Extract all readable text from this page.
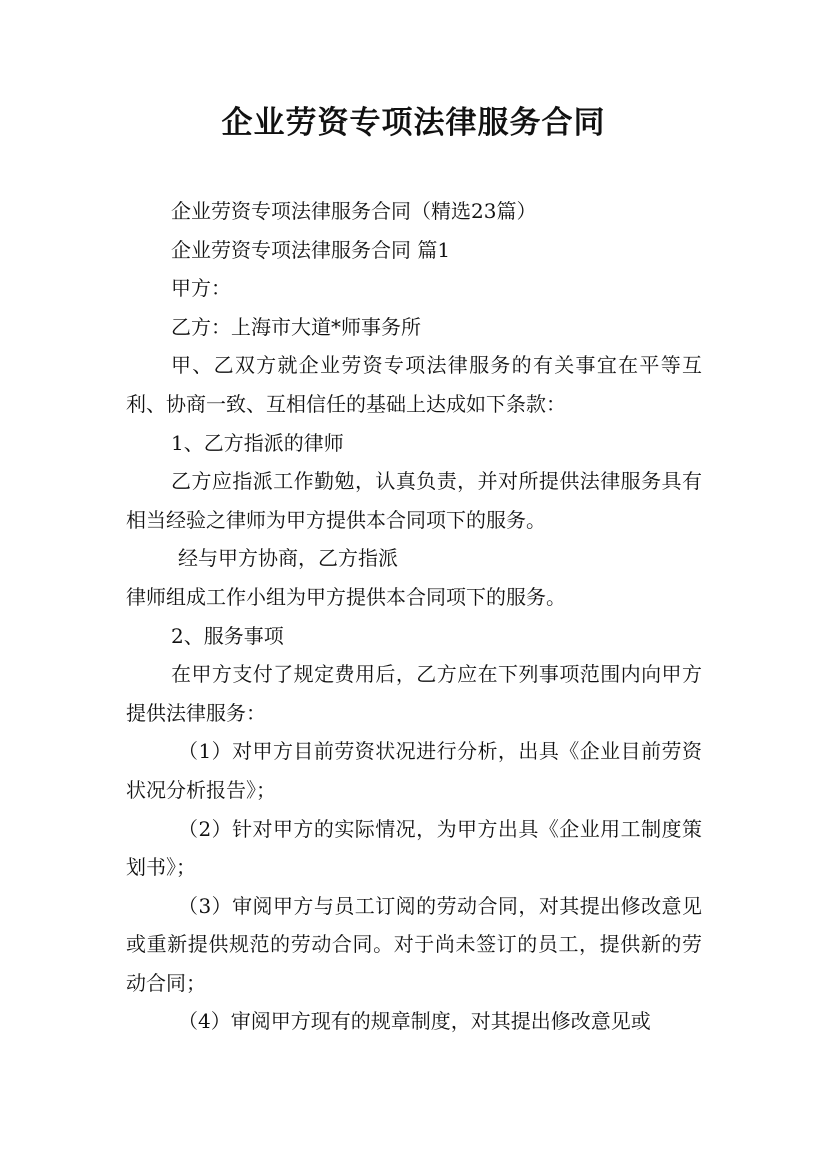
企业劳资专项法律服务合同

企业劳资专项法律服务合同（精选23篇）

企业劳资专项法律服务合同 篇1

甲方：

乙方：上海市大道*师事务所

甲、乙双方就企业劳资专项法律服务的有关事宜在平等互利、协商一致、互相信任的基础上达成如下条款：

1、乙方指派的律师

乙方应指派工作勤勉，认真负责，并对所提供法律服务具有相当经验之律师为甲方提供本合同项下的服务。

经与甲方协商，乙方指派

律师组成工作小组为甲方提供本合同项下的服务。

2、服务事项

在甲方支付了规定费用后，乙方应在下列事项范围内向甲方提供法律服务：

（1）对甲方目前劳资状况进行分析，出具《企业目前劳资状况分析报告》；

（2）针对甲方的实际情况，为甲方出具《企业用工制度策划书》；

（3）审阅甲方与员工订阅的劳动合同，对其提出修改意见或重新提供规范的劳动合同。对于尚未签订的员工，提供新的劳动合同；

（4）审阅甲方现有的规章制度，对其提出修改意见或
